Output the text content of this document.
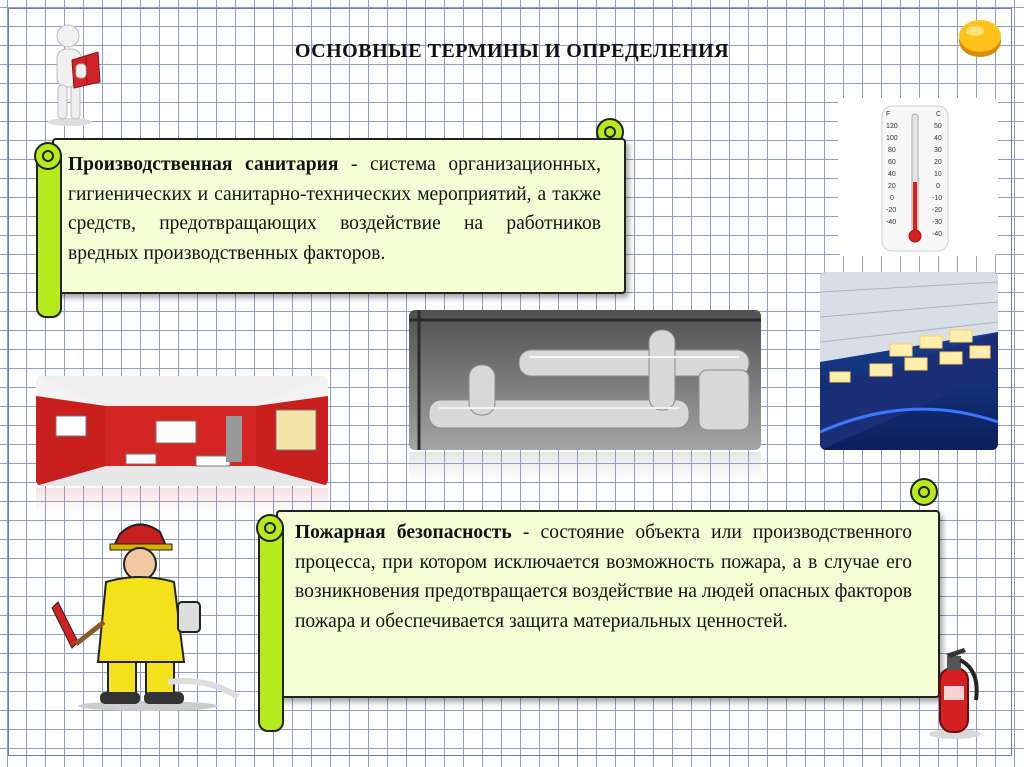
ОСНОВНЫЕ ТЕРМИНЫ И ОПРЕДЕЛЕНИЯ
Производственная санитария - система организационных, гигиенических и санитарно-технических мероприятий, а также средств, предотвращающих воздействие на работников вредных производственных факторов.
F	C
120
100
80
60
40
20
0
-20
-40
50
40
30
20
10
0
-10
-20
-30
-40
Пожарная безопасность - состояние объекта или производственного процесса, при котором исключается возможность пожара, а в случае его возникновения предотвращается воздействие на людей опасных факторов пожара и обеспечивается защита материальных ценностей.
